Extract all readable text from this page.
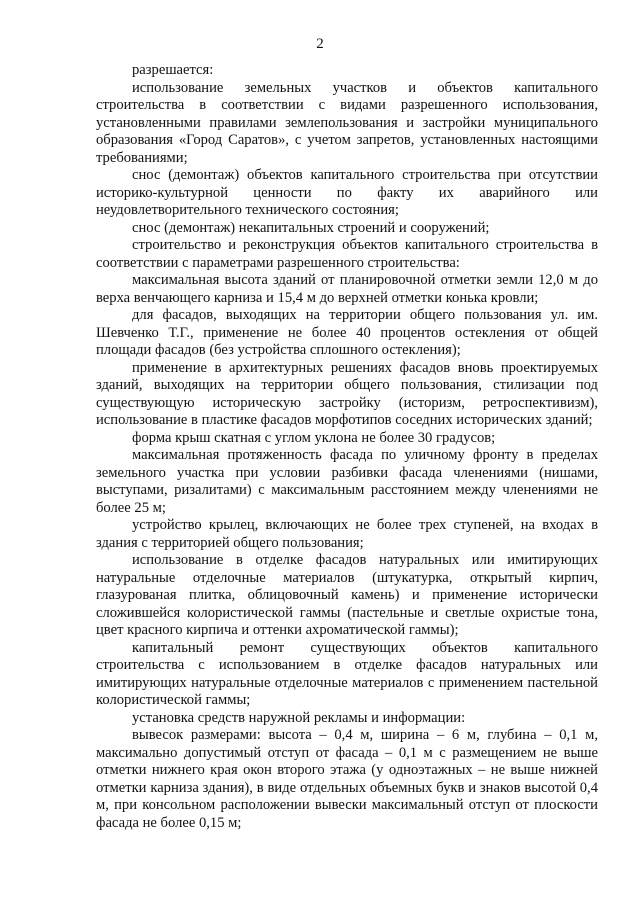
2

разрешается:

использование земельных участков и объектов капитального строительства в соответствии с видами разрешенного использования, установленными правилами землепользования и застройки муниципального образования «Город Саратов», с учетом запретов, установленных настоящими требованиями;

снос (демонтаж) объектов капитального строительства при отсутствии историко-культурной ценности по факту их аварийного или неудовлетворительного технического состояния;

снос (демонтаж) некапитальных строений и сооружений;

строительство и реконструкция объектов капитального строительства в соответствии с параметрами разрешенного строительства:

максимальная высота зданий от планировочной отметки земли 12,0 м до верха венчающего карниза и 15,4 м до верхней отметки конька кровли;

для фасадов, выходящих на территории общего пользования ул. им. Шевченко Т.Г., применение не более 40 процентов остекления от общей площади фасадов (без устройства сплошного остекления);

применение в архитектурных решениях фасадов вновь проектируемых зданий, выходящих на территории общего пользования, стилизации под существующую историческую застройку (историзм, ретроспективизм), использование в пластике фасадов морфотипов соседних исторических зданий;

форма крыш скатная с углом уклона не более 30 градусов;

максимальная протяженность фасада по уличному фронту в пределах земельного участка при условии разбивки фасада членениями (нишами, выступами, ризалитами) с максимальным расстоянием между членениями не более 25 м;

устройство крылец, включающих не более трех ступеней, на входах в здания с территорией общего пользования;

использование в отделке фасадов натуральных или имитирующих натуральные отделочные материалов (штукатурка, открытый кирпич, глазурованая плитка, облицовочный камень) и применение исторически сложившейся колористической гаммы (пастельные и светлые охристые тона, цвет красного кирпича и оттенки ахроматической гаммы);

капитальный ремонт существующих объектов капитального строительства с использованием в отделке фасадов натуральных или имитирующих натуральные отделочные материалов с применением пастельной колористической гаммы;

установка средств наружной рекламы и информации:

вывесок размерами: высота – 0,4 м, ширина – 6 м, глубина – 0,1 м, максимально допустимый отступ от фасада – 0,1 м с размещением не выше отметки нижнего края окон второго этажа (у одноэтажных – не выше нижней отметки карниза здания), в виде отдельных объемных букв и знаков высотой 0,4 м, при консольном расположении вывески максимальный отступ от плоскости фасада не более 0,15 м;
